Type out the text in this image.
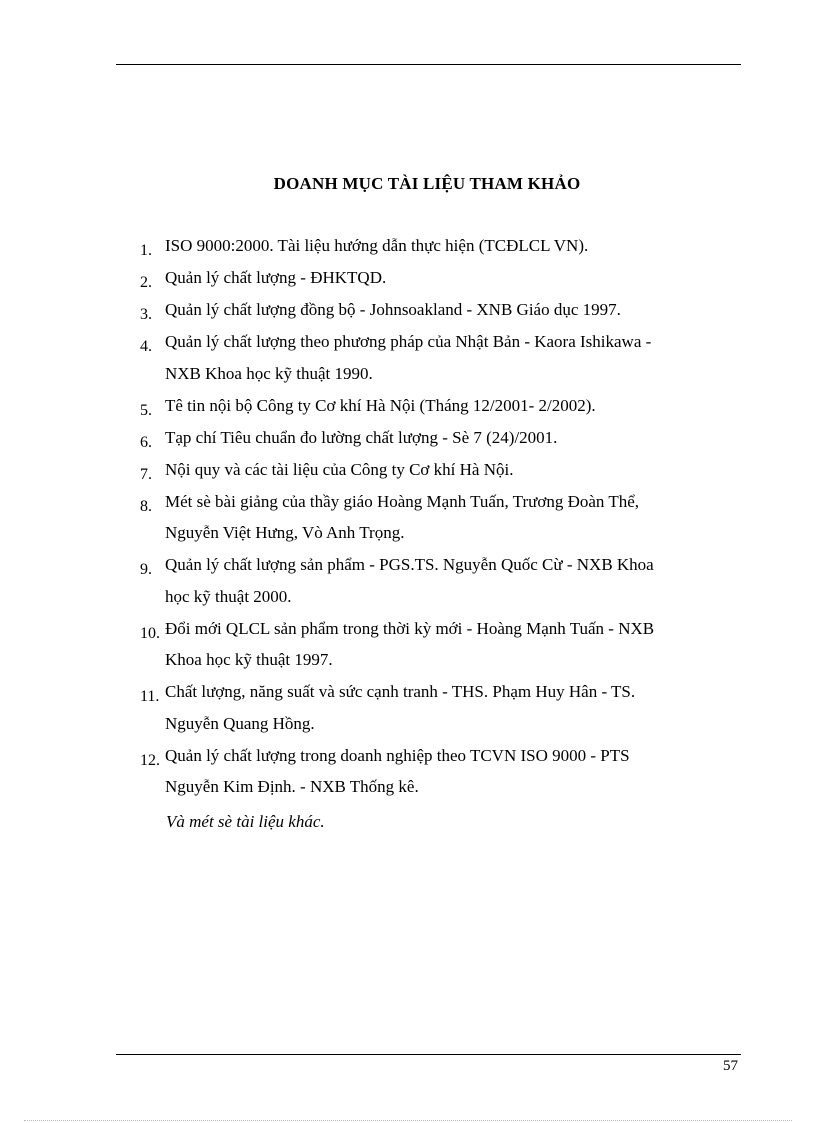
DOANH MỤC TÀI LIỆU THAM KHẢO
1. ISO 9000:2000. Tài liệu hướng dẫn thực hiện (TCĐLCL VN).
2. Quản lý chất lượng - ĐHKTQD.
3. Quản lý chất lượng đồng bộ - Johnsoakland - XNB Giáo dục 1997.
4. Quản lý chất lượng theo phương pháp của Nhật Bản - Kaora Ishikawa -
NXB Khoa học kỹ thuật 1990.
5. Tê tin nội bộ Công ty Cơ khí Hà Nội (Tháng 12/2001- 2/2002).
6. Tạp chí Tiêu chuẩn đo lường chất lượng - Sè 7 (24)/2001.
7. Nội quy và các tài liệu của Công ty Cơ khí Hà Nội.
8. Mét sè bài giảng của thầy giáo Hoàng Mạnh Tuấn, Trương Đoàn Thể,
Nguyễn Việt Hưng, Vò Anh Trọng.
9. Quản lý chất lượng sản phẩm - PGS.TS. Nguyễn Quốc Cừ - NXB Khoa
học kỹ thuật 2000.
10. Đổi mới QLCL sản phẩm trong thời kỳ mới - Hoàng Mạnh Tuấn - NXB
Khoa học kỹ thuật 1997.
11. Chất lượng, năng suất và sức cạnh tranh - THS. Phạm Huy Hân - TS.
Nguyễn Quang Hồng.
12. Quản lý chất lượng trong doanh nghiệp theo TCVN ISO 9000 - PTS
Nguyễn Kim Định. - NXB Thống kê.
Và mét sè tài liệu khác.
57
